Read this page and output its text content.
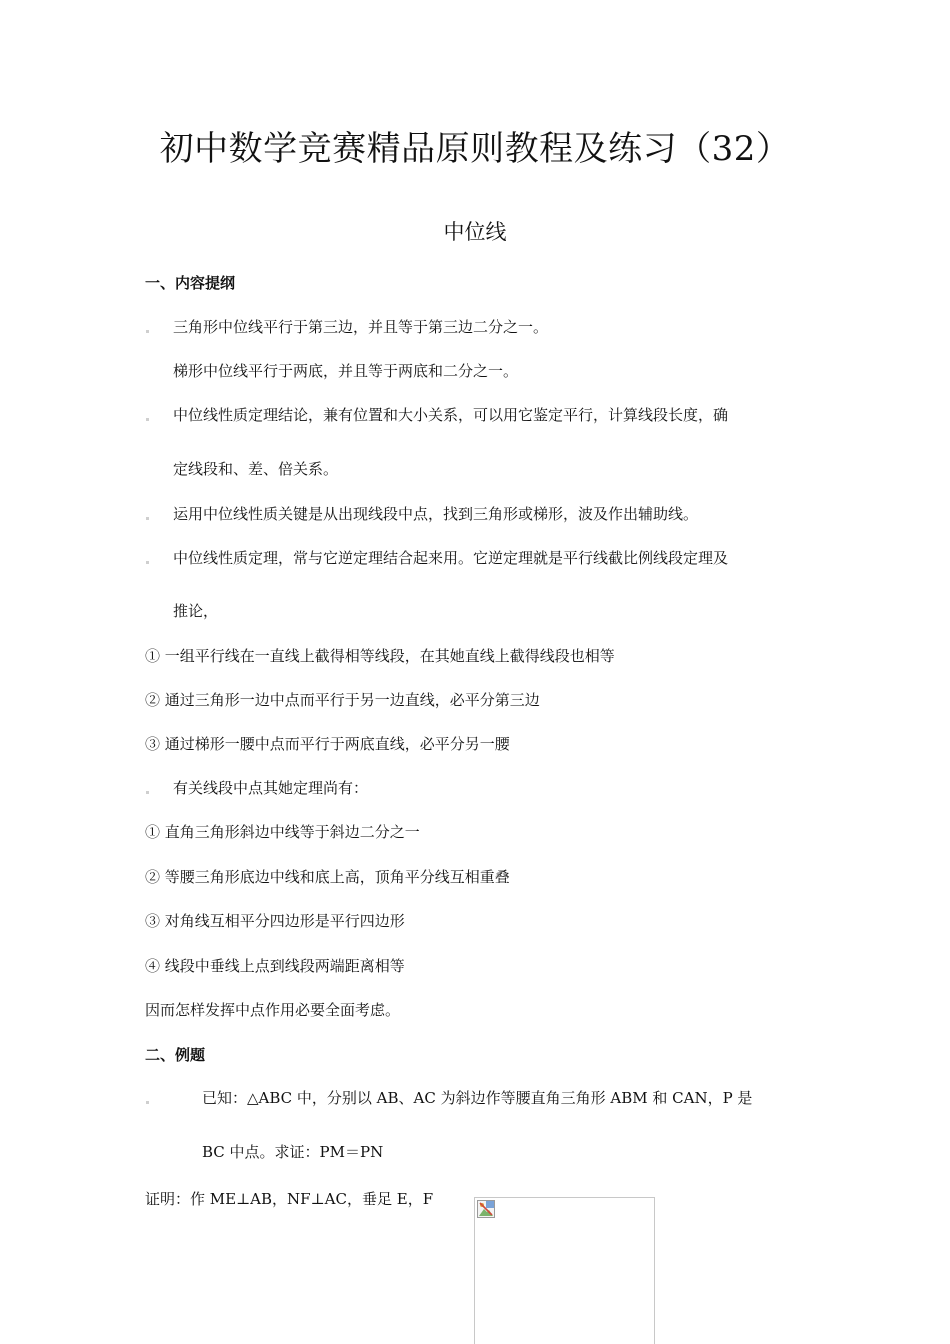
初中数学竞赛精品原则教程及练习（32）
中位线
一、内容提纲
三角形中位线平行于第三边，并且等于第三边二分之一。
梯形中位线平行于两底，并且等于两底和二分之一。
中位线性质定理结论，兼有位置和大小关系，可以用它鉴定平行，计算线段长度，确
定线段和、差、倍关系。
运用中位线性质关键是从出现线段中点，找到三角形或梯形，波及作出辅助线。
中位线性质定理，常与它逆定理结合起来用。它逆定理就是平行线截比例线段定理及
推论，
① 一组平行线在一直线上截得相等线段，在其她直线上截得线段也相等
② 通过三角形一边中点而平行于另一边直线，必平分第三边
③ 通过梯形一腰中点而平行于两底直线，必平分另一腰
有关线段中点其她定理尚有：
① 直角三角形斜边中线等于斜边二分之一
② 等腰三角形底边中线和底上高，顶角平分线互相重叠
③ 对角线互相平分四边形是平行四边形
④ 线段中垂线上点到线段两端距离相等
因而怎样发挥中点作用必要全面考虑。
二、例题
已知：△ABC 中，分别以 AB、AC 为斜边作等腰直角三角形 ABM 和 CAN，P 是
BC 中点。求证：PM＝PN
证明：作 ME⊥AB，NF⊥AC，垂足 E，F
